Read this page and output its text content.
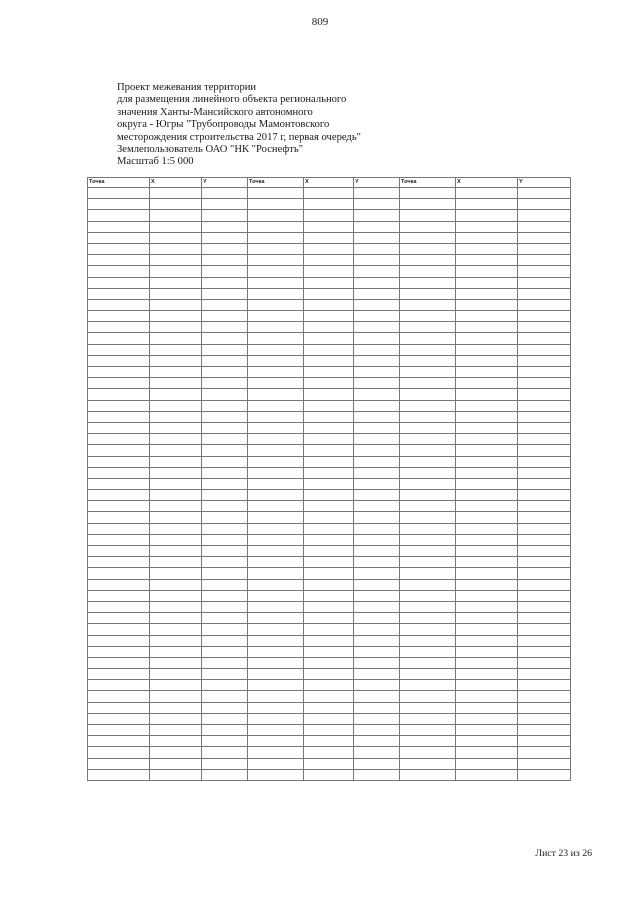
809
Проект межевания территории
для размещения линейного объекта регионального
значения Ханты-Мансийского автономного
округа - Югры "Трубопроводы Мамонтовского
месторождения строительства 2017 г, первая очередь"
Землепользователь ОАО "НК "Роснефть"
Масштаб 1:5 000
Точка	X	Y	Точка	X	Y	Точка	X	Y

Лист 23 из 26
